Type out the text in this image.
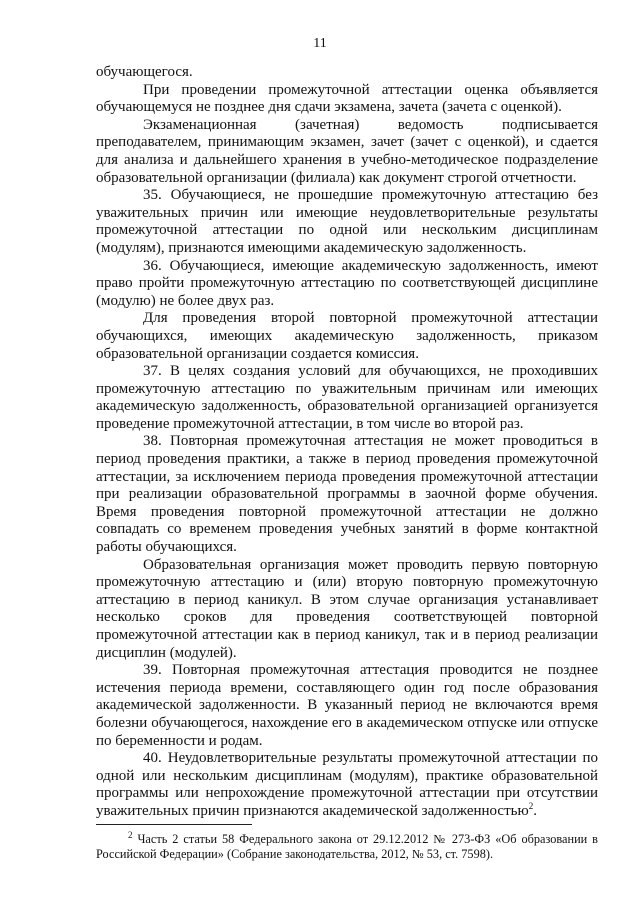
11

обучающегося.

При проведении промежуточной аттестации оценка объявляется обучающемуся не позднее дня сдачи экзамена, зачета (зачета с оценкой).

Экзаменационная (зачетная) ведомость подписывается преподавателем, принимающим экзамен, зачет (зачет с оценкой), и сдается для анализа и дальнейшего хранения в учебно-методическое подразделение образовательной организации (филиала) как документ строгой отчетности.

35. Обучающиеся, не прошедшие промежуточную аттестацию без уважительных причин или имеющие неудовлетворительные результаты промежуточной аттестации по одной или нескольким дисциплинам (модулям), признаются имеющими академическую задолженность.

36. Обучающиеся, имеющие академическую задолженность, имеют право пройти промежуточную аттестацию по соответствующей дисциплине (модулю) не более двух раз.

Для проведения второй повторной промежуточной аттестации обучающихся, имеющих академическую задолженность, приказом образовательной организации создается комиссия.

37. В целях создания условий для обучающихся, не проходивших промежуточную аттестацию по уважительным причинам или имеющих академическую задолженность, образовательной организацией организуется проведение промежуточной аттестации, в том числе во второй раз.

38. Повторная промежуточная аттестация не может проводиться в период проведения практики, а также в период проведения промежуточной аттестации, за исключением периода проведения промежуточной аттестации при реализации образовательной программы в заочной форме обучения. Время проведения повторной промежуточной аттестации не должно совпадать со временем проведения учебных занятий в форме контактной работы обучающихся.

Образовательная организация может проводить первую повторную промежуточную аттестацию и (или) вторую повторную промежуточную аттестацию в период каникул. В этом случае организация устанавливает несколько сроков для проведения соответствующей повторной промежуточной аттестации как в период каникул, так и в период реализации дисциплин (модулей).

39. Повторная промежуточная аттестация проводится не позднее истечения периода времени, составляющего один год после образования академической задолженности. В указанный период не включаются время болезни обучающегося, нахождение его в академическом отпуске или отпуске по беременности и родам.

40. Неудовлетворительные результаты промежуточной аттестации по одной или нескольким дисциплинам (модулям), практике образовательной программы или непрохождение промежуточной аттестации при отсутствии уважительных причин признаются академической задолженностью$^2$.

$^2$ Часть 2 статьи 58 Федерального закона от 29.12.2012 № 273-ФЗ «Об образовании в Российской Федерации» (Собрание законодательства, 2012, № 53, ст. 7598).
